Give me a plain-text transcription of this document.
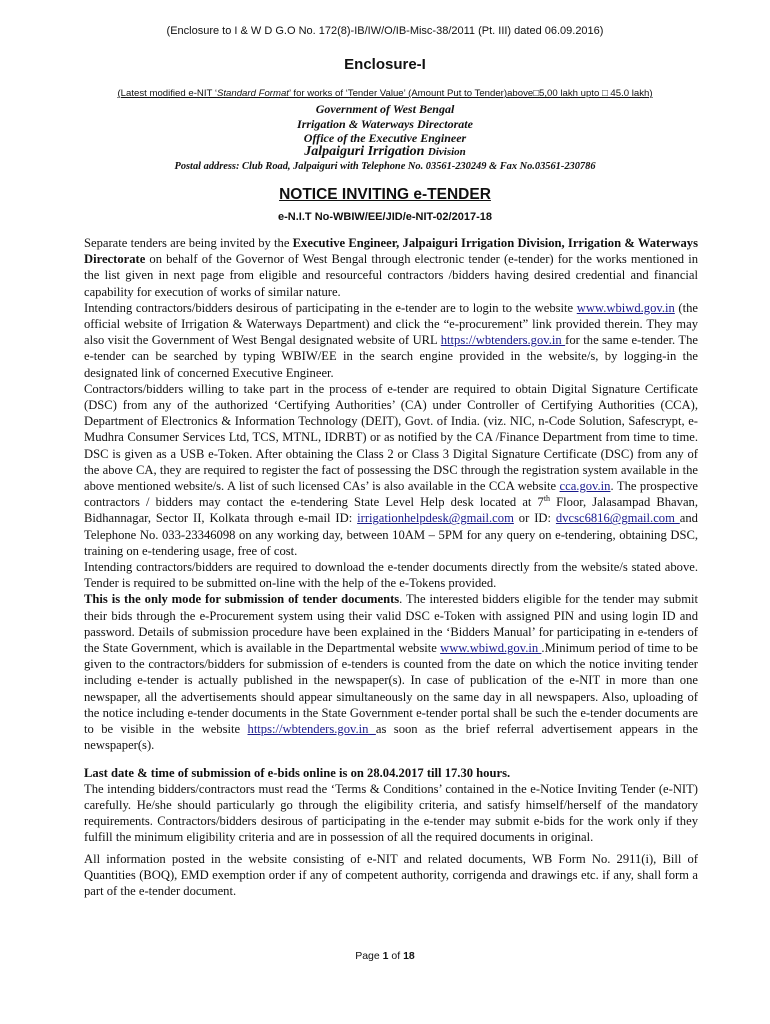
(Enclosure to I & W D G.O No. 172(8)-IB/IW/O/IB-Misc-38/2011 (Pt. III) dated 06.09.2016)
Enclosure-I
(Latest modified e-NIT ‘Standard Format’ for works of ‘Tender Value’ (Amount Put to Tender)above□5,00 lakh upto □ 45.0 lakh)
Government of West Bengal
Irrigation & Waterways Directorate
Office of the Executive Engineer
Jalpaiguri Irrigation Division
Postal address: Club Road, Jalpaiguri with Telephone No. 03561-230249 & Fax No.03561-230786
NOTICE INVITING e-TENDER
e-N.I.T No-WBIW/EE/JID/e-NIT-02/2017-18

Separate tenders are being invited by the Executive Engineer, Jalpaiguri Irrigation Division, Irrigation & Waterways Directorate on behalf of the Governor of West Bengal through electronic tender (e-tender) for the works mentioned in the list given in next page from eligible and resourceful contractors /bidders having desired credential and financial capability for execution of works of similar nature.

Intending contractors/bidders desirous of participating in the e-tender are to login to the website www.wbiwd.gov.in (the official website of Irrigation & Waterways Department) and click the “e-procurement” link provided therein. They may also visit the Government of West Bengal designated website of URL https://wbtenders.gov.in for the same e-tender. The e-tender can be searched by typing WBIW/EE in the search engine provided in the website/s, by logging-in the designated link of concerned Executive Engineer.

Contractors/bidders willing to take part in the process of e-tender are required to obtain Digital Signature Certificate (DSC) from any of the authorized ‘Certifying Authorities’ (CA) under Controller of Certifying Authorities (CCA), Department of Electronics & Information Technology (DEIT), Govt. of India. (viz. NIC, n-Code Solution, Safescrypt, e-Mudhra Consumer Services Ltd, TCS, MTNL, IDRBT) or as notified by the CA /Finance Department from time to time. DSC is given as a USB e-Token. After obtaining the Class 2 or Class 3 Digital Signature Certificate (DSC) from any of the above CA, they are required to register the fact of possessing the DSC through the registration system available in the above mentioned website/s. A list of such licensed CAs’ is also available in the CCA website cca.gov.in. The prospective contractors / bidders may contact the e-tendering State Level Help desk located at 7th Floor, Jalasampad Bhavan, Bidhannagar, Sector II, Kolkata through e-mail ID: irrigationhelpdesk@gmail.com or ID: dvcsc6816@gmail.com and Telephone No. 033-23346098 on any working day, between 10AM – 5PM for any query on e-tendering, obtaining DSC, training on e-tendering usage, free of cost.

Intending contractors/bidders are required to download the e-tender documents directly from the website/s stated above. Tender is required to be submitted on-line with the help of the e-Tokens provided.

This is the only mode for submission of tender documents. The interested bidders eligible for the tender may submit their bids through the e-Procurement system using their valid DSC e-Token with assigned PIN and using login ID and password. Details of submission procedure have been explained in the ‘Bidders Manual’ for participating in e-tenders of the State Government, which is available in the Departmental website www.wbiwd.gov.in .Minimum period of time to be given to the contractors/bidders for submission of e-tenders is counted from the date on which the notice inviting tender including e-tender is actually published in the newspaper(s). In case of publication of the e-NIT in more than one newspaper, all the advertisements should appear simultaneously on the same day in all newspapers. Also, uploading of the notice including e-tender documents in the State Government e-tender portal shall be such the e-tender documents are to be visible in the website https://wbtenders.gov.in as soon as the brief referral advertisement appears in the newspaper(s).

Last date & time of submission of e-bids online is on 28.04.2017 till 17.30 hours.

The intending bidders/contractors must read the ‘Terms & Conditions’ contained in the e-Notice Inviting Tender (e-NIT) carefully. He/she should particularly go through the eligibility criteria, and satisfy himself/herself of the mandatory requirements. Contractors/bidders desirous of participating in the e-tender may submit e-bids for the work only if they fulfill the minimum eligibility criteria and are in possession of all the required documents in original.

All information posted in the website consisting of e-NIT and related documents, WB Form No. 2911(i), Bill of Quantities (BOQ), EMD exemption order if any of competent authority, corrigenda and drawings etc. if any, shall form a part of the e-tender document.

Page 1 of 18
